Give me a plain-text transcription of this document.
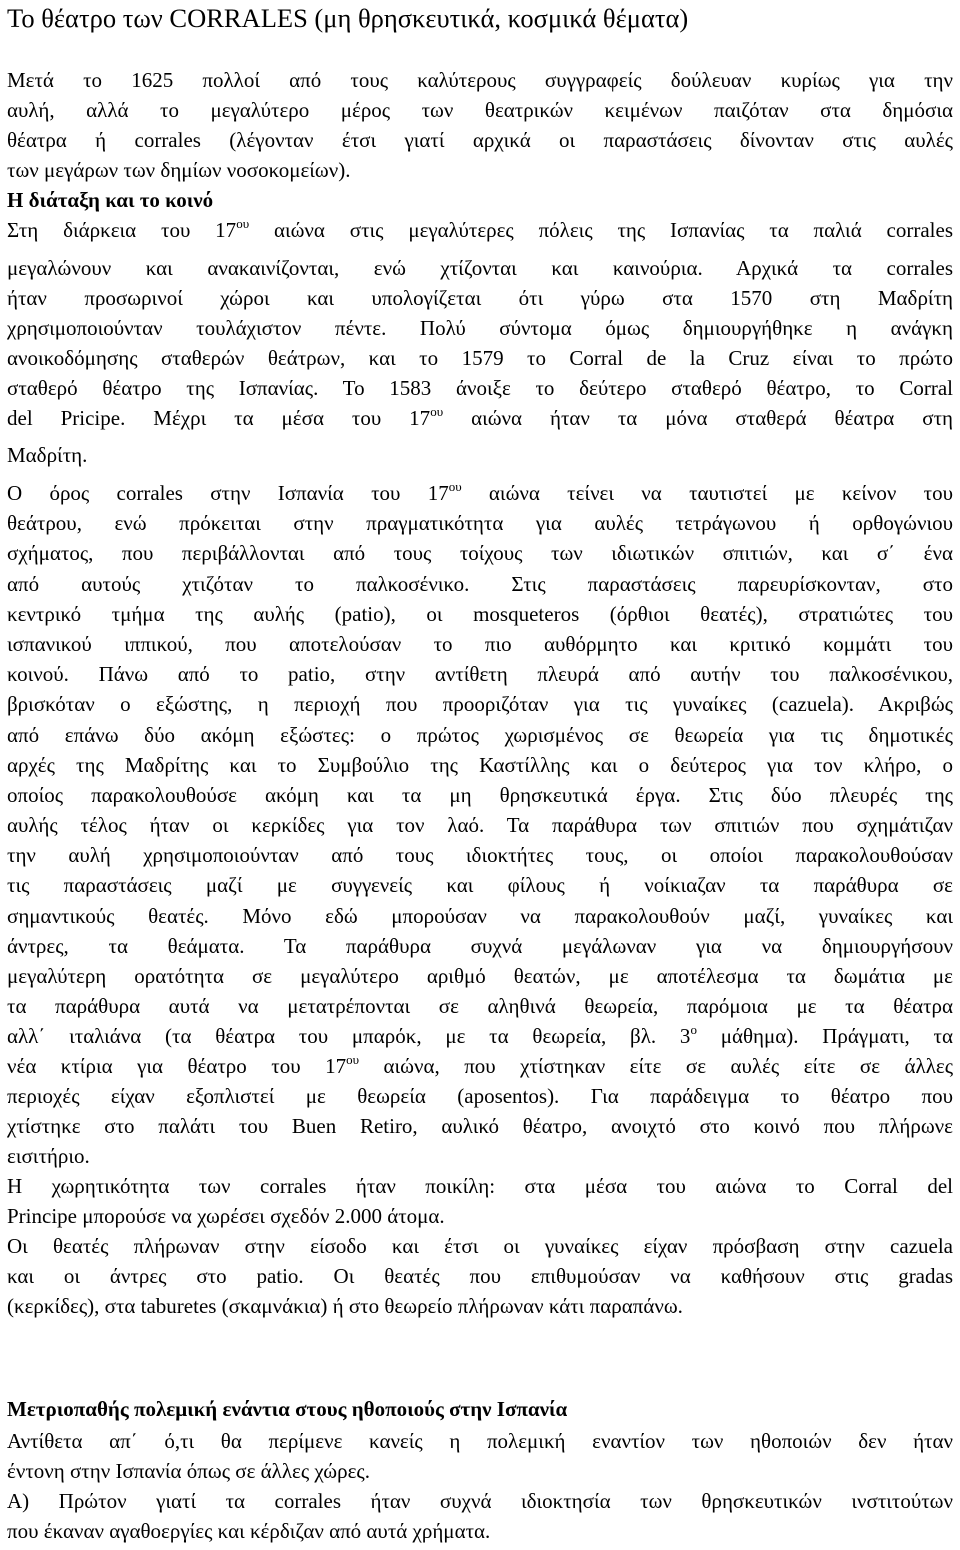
Το θέατρο των CORRALES (μη θρησκευτικά, κοσμικά θέματα)
Μετά το 1625 πολλοί από τους καλύτερους συγγραφείς δούλευαν κυρίως για την
αυλή, αλλά το μεγαλύτερο μέρος των θεατρικών κειμένων παιζόταν στα δημόσια
θέατρα ή corrales (λέγονταν έτσι γιατί αρχικά οι παραστάσεις δίνονταν στις αυλές
των μεγάρων των δημίων νοσοκομείων).
Η διάταξη και το κοινό
Στη διάρκεια του $17^{o\upsilon}$ αιώνα στις μεγαλύτερες πόλεις της Ισπανίας τα παλιά corrales
μεγαλώνουν και ανακαινίζονται, ενώ χτίζονται και καινούρια. Αρχικά τα corrales
ήταν προσωρινοί χώροι και υπολογίζεται ότι γύρω στα 1570 στη Μαδρίτη
χρησιμοποιούνταν τουλάχιστον πέντε. Πολύ σύντομα όμως δημιουργήθηκε η ανάγκη
ανοικοδόμησης σταθερών θεάτρων, και το 1579 το Corral de la Cruz είναι το πρώτο
σταθερό θέατρο της Ισπανίας. Το 1583 άνοιξε το δεύτερο σταθερό θέατρο, το Corral
del Pricipe. Μέχρι τα μέσα του $17^{o\upsilon}$ αιώνα ήταν τα μόνα σταθερά θέατρα στη
Μαδρίτη.
Ο όρος corrales στην Ισπανία του $17^{o\upsilon}$ αιώνα τείνει να ταυτιστεί με κείνον του
θεάτρου, ενώ πρόκειται στην πραγματικότητα για αυλές τετράγωνου ή ορθογώνιου
σχήματος, που περιβάλλονται από τους τοίχους των ιδιωτικών σπιτιών, και σ΄ ένα
από αυτούς χτιζόταν το παλκοσένικο. Στις παραστάσεις παρευρίσκονταν, στο
κεντρικό τμήμα της αυλής (patio), οι mosqueteros (όρθιοι θεατές), στρατιώτες του
ισπανικού ιππικού, που αποτελούσαν το πιο αυθόρμητο και κριτικό κομμάτι του
κοινού. Πάνω από το patio, στην αντίθετη πλευρά από αυτήν του παλκοσένικου,
βρισκόταν ο εξώστης, η περιοχή που προοριζόταν για τις γυναίκες (cazuela). Ακριβώς
από επάνω δύο ακόμη εξώστες: ο πρώτος χωρισμένος σε θεωρεία για τις δημοτικές
αρχές της Μαδρίτης και το Συμβούλιο της Καστίλλης και ο δεύτερος για τον κλήρο, ο
οποίος παρακολουθούσε ακόμη και τα μη θρησκευτικά έργα. Στις δύο πλευρές της
αυλής τέλος ήταν οι κερκίδες για τον λαό. Τα παράθυρα των σπιτιών που σχημάτιζαν
την αυλή χρησιμοποιούνταν από τους ιδιοκτήτες τους, οι οποίοι παρακολουθούσαν
τις παραστάσεις μαζί με συγγενείς και φίλους ή νοίκιαζαν τα παράθυρα σε
σημαντικούς θεατές. Μόνο εδώ μπορούσαν να παρακολουθούν μαζί, γυναίκες και
άντρες, τα θεάματα. Τα παράθυρα συχνά μεγάλωναν για να δημιουργήσουν
μεγαλύτερη ορατότητα σε μεγαλύτερο αριθμό θεατών, με αποτέλεσμα τα δωμάτια με
τα παράθυρα αυτά να μετατρέπονται σε αληθινά θεωρεία, παρόμοια με τα θέατρα
αλλ΄ ιταλιάνα (τα θέατρα του μπαρόκ, με τα θεωρεία, βλ. $3^o$ μάθημα). Πράγματι, τα
νέα κτίρια για θέατρο του $17^{o\upsilon}$ αιώνα, που χτίστηκαν είτε σε αυλές είτε σε άλλες
περιοχές είχαν εξοπλιστεί με θεωρεία (aposentos). Για παράδειγμα το θέατρο που
χτίστηκε στο παλάτι του Buen Retiro, αυλικό θέατρο, ανοιχτό στο κοινό που πλήρωνε
εισιτήριο.
Η χωρητικότητα των corrales ήταν ποικίλη: στα μέσα του αιώνα το Corral del
Principe μπορούσε να χωρέσει σχεδόν 2.000 άτομα.
Οι θεατές πλήρωναν στην είσοδο και έτσι οι γυναίκες είχαν πρόσβαση στην cazuela
και οι άντρες στο patio. Οι θεατές που επιθυμούσαν να καθήσουν στις gradas
(κερκίδες), στα taburetes (σκαμνάκια) ή στο θεωρείο πλήρωναν κάτι παραπάνω.
Μετριοπαθής πολεμική ενάντια στους ηθοποιούς στην Ισπανία
Αντίθετα απ΄ ό,τι θα περίμενε κανείς η πολεμική εναντίον των ηθοποιών δεν ήταν
έντονη στην Ισπανία όπως σε άλλες χώρες.
Α) Πρώτον γιατί τα corrales ήταν συχνά ιδιοκτησία των θρησκευτικών ινστιτούτων
που έκαναν αγαθοεργίες και κέρδιζαν από αυτά χρήματα.
